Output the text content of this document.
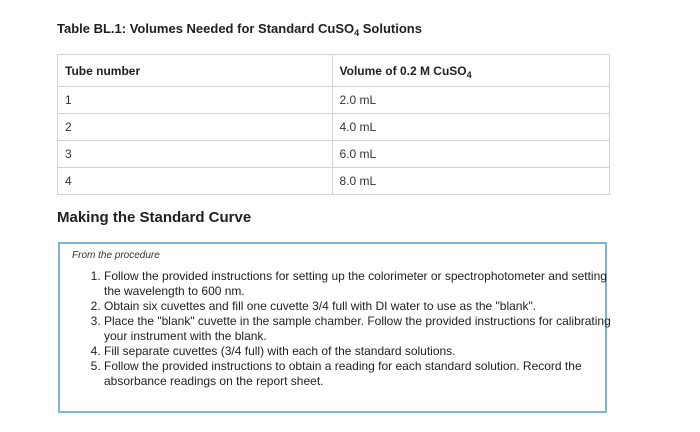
Table BL.1: Volumes Needed for Standard CuSO$_4$ Solutions
Tube number	Volume of 0.2 M CuSO$_4$
1	2.0 mL
2	4.0 mL
3	6.0 mL
4	8.0 mL
Making the Standard Curve
From the procedure
1. Follow the provided instructions for setting up the colorimeter or spectrophotometer and setting the wavelength to 600 nm.
2. Obtain six cuvettes and fill one cuvette 3/4 full with DI water to use as the "blank".
3. Place the "blank" cuvette in the sample chamber. Follow the provided instructions for calibrating your instrument with the blank.
4. Fill separate cuvettes (3/4 full) with each of the standard solutions.
5. Follow the provided instructions to obtain a reading for each standard solution. Record the absorbance readings on the report sheet.
